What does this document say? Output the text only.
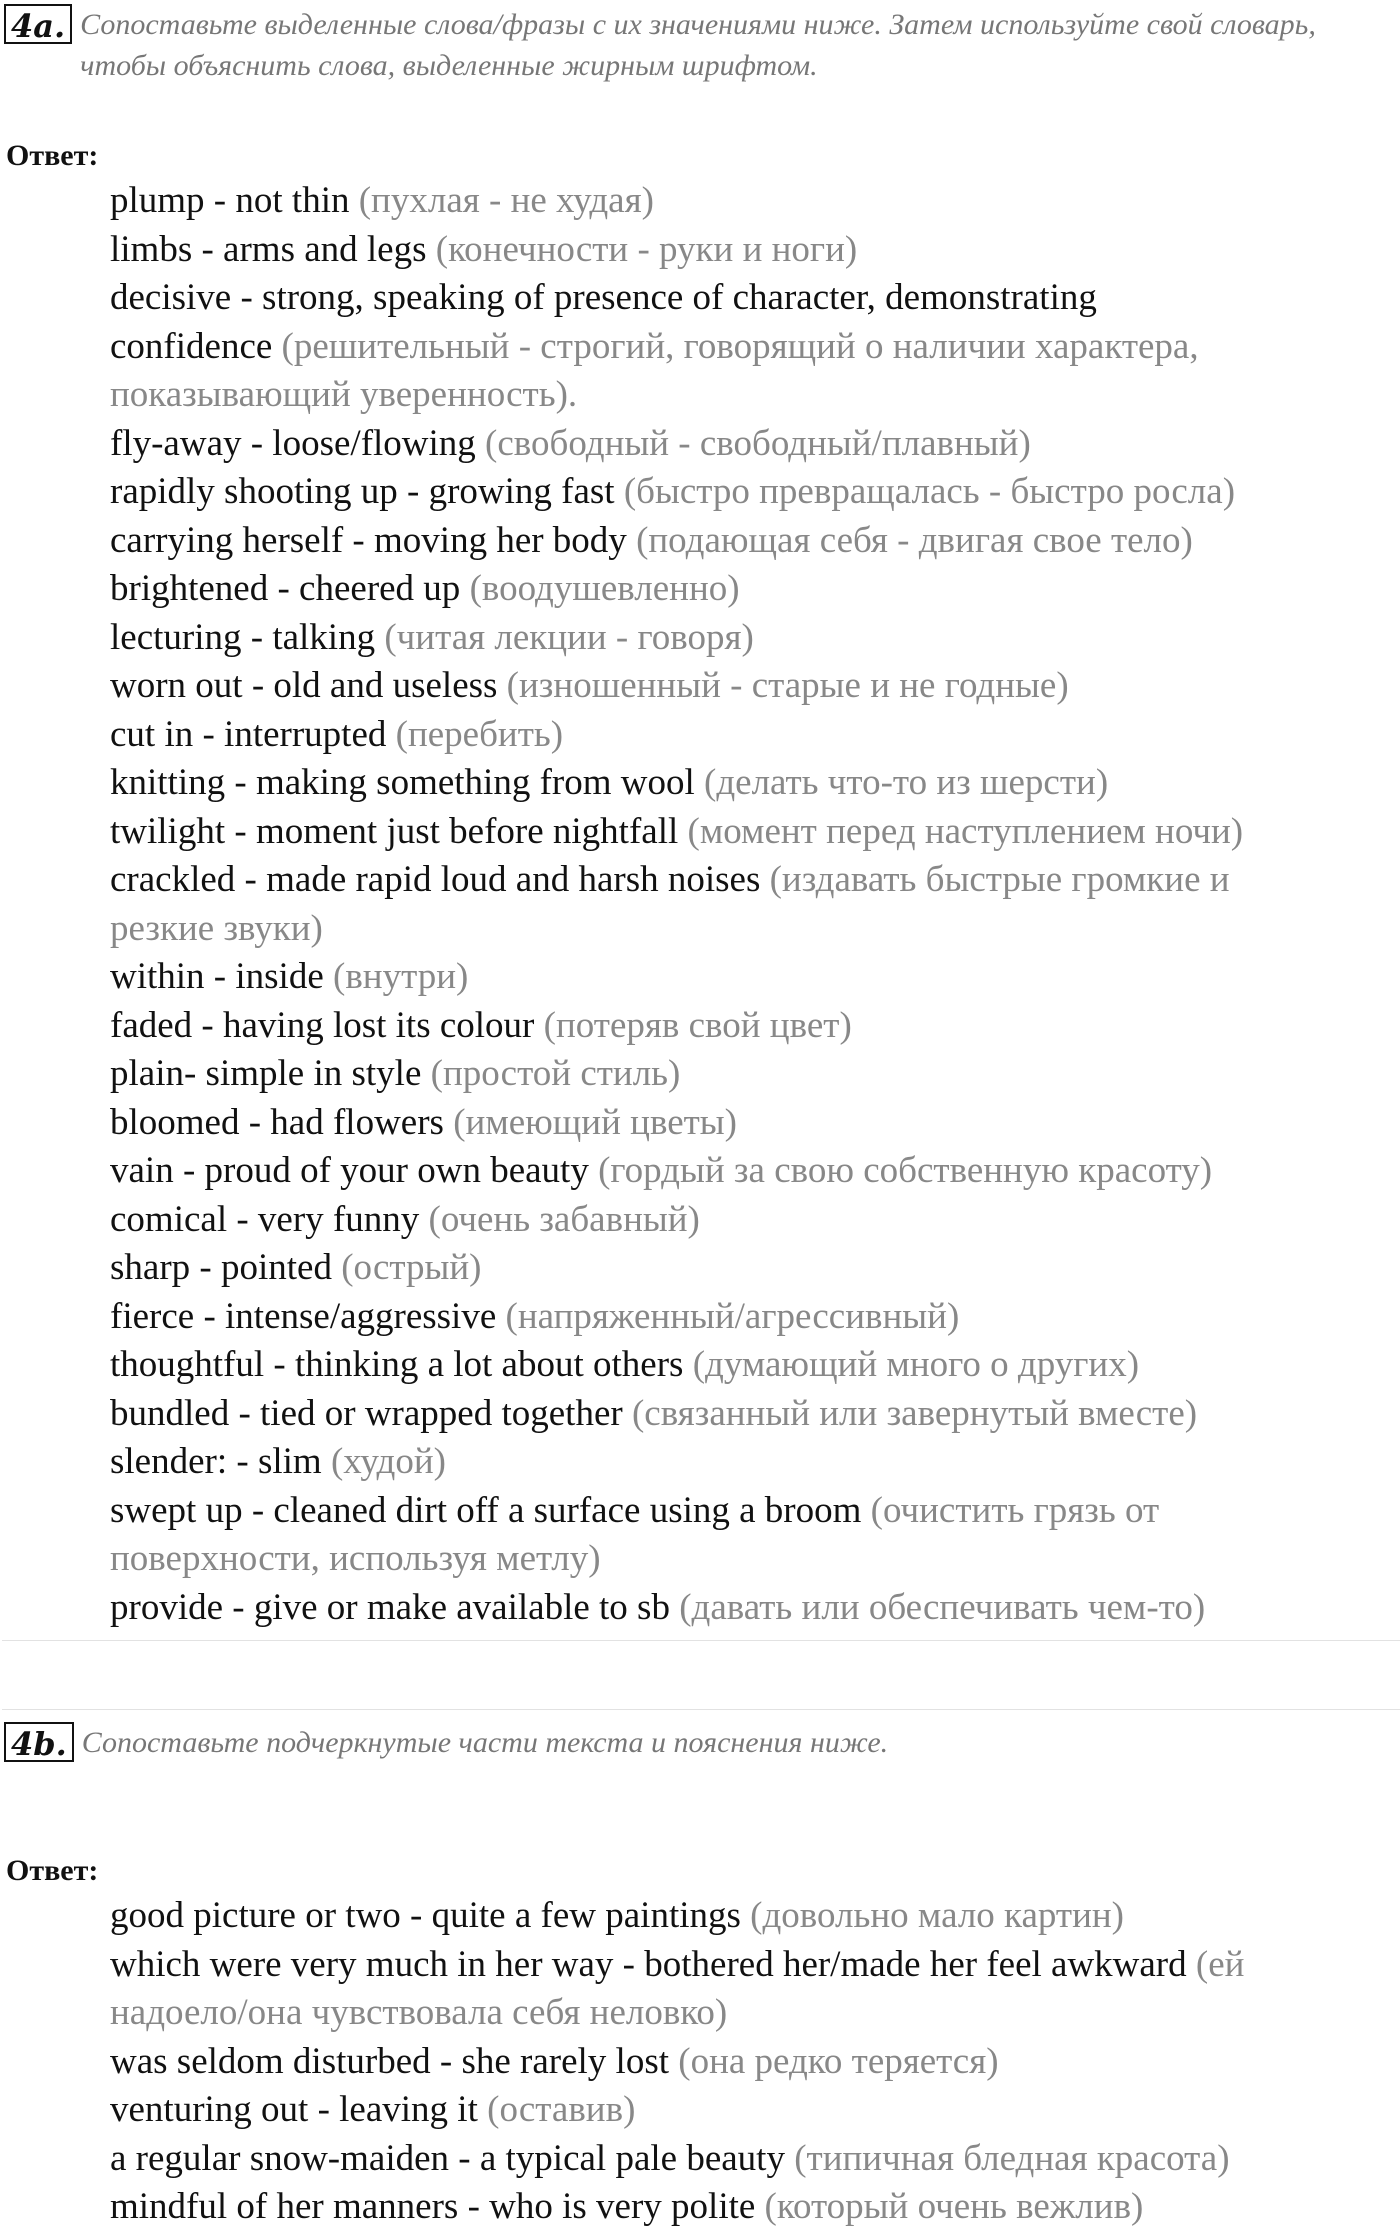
4a. Сопоставьте выделенные слова/фразы с их значениями ниже. Затем используйте свой словарь, чтобы объяснить слова, выделенные жирным шрифтом.
Ответ:
plump - not thin (пухлая - не худая)
limbs - arms and legs (конечности - руки и ноги)
decisive - strong, speaking of presence of character, demonstrating
confidence (решительный - строгий, говорящий о наличии характера,
показывающий уверенность).
fly-away - loose/flowing (свободный - свободный/плавный)
rapidly shooting up - growing fast (быстро превращалась - быстро росла)
carrying herself - moving her body (подающая себя - двигая свое тело)
brightened - cheered up (воодушевленно)
lecturing - talking (читая лекции - говоря)
worn out - old and useless (изношенный - старые и не годные)
cut in - interrupted (перебить)
knitting - making something from wool (делать что-то из шерсти)
twilight - moment just before nightfall (момент перед наступлением ночи)
crackled - made rapid loud and harsh noises (издавать быстрые громкие и
резкие звуки)
within - inside (внутри)
faded - having lost its colour (потеряв свой цвет)
plain- simple in style (простой стиль)
bloomed - had flowers (имеющий цветы)
vain - proud of your own beauty (гордый за свою собственную красоту)
comical - very funny (очень забавный)
sharp - pointed (острый)
fierce - intense/aggressive (напряженный/агрессивный)
thoughtful - thinking a lot about others (думающий много о других)
bundled - tied or wrapped together (связанный или завернутый вместе)
slender: - slim (худой)
swept up - cleaned dirt off a surface using a broom (очистить грязь от
поверхности, используя метлу)
provide - give or make available to sb (давать или обеспечивать чем-то)
4b. Сопоставьте подчеркнутые части текста и пояснения ниже.
Ответ:
good picture or two - quite a few paintings (довольно мало картин)
which were very much in her way - bothered her/made her feel awkward (ей
надоело/она чувствовала себя неловко)
was seldom disturbed - she rarely lost (она редко теряется)
venturing out - leaving it (оставив)
a regular snow-maiden - a typical pale beauty (типичная бледная красота)
mindful of her manners - who is very polite (который очень вежлив)
